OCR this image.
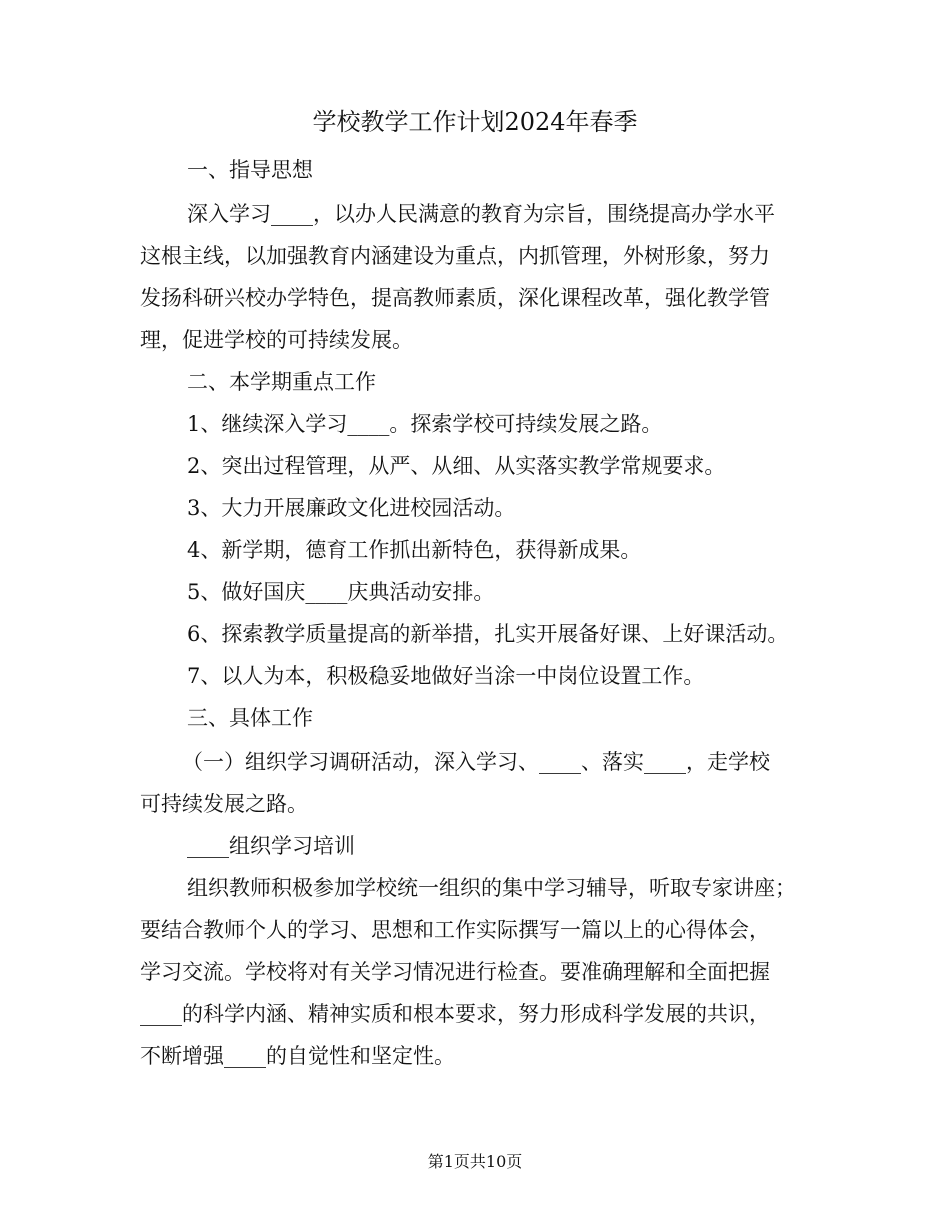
学校教学工作计划2024年春季
一、指导思想
深入学习____，以办人民满意的教育为宗旨，围绕提高办学水平
这根主线，以加强教育内涵建设为重点，内抓管理，外树形象，努力
发扬科研兴校办学特色，提高教师素质，深化课程改革，强化教学管
理，促进学校的可持续发展。
二、本学期重点工作
1、继续深入学习____。探索学校可持续发展之路。
2、突出过程管理，从严、从细、从实落实教学常规要求。
3、大力开展廉政文化进校园活动。
4、新学期，德育工作抓出新特色，获得新成果。
5、做好国庆____庆典活动安排。
6、探索教学质量提高的新举措，扎实开展备好课、上好课活动。
7、以人为本，积极稳妥地做好当涂一中岗位设置工作。
三、具体工作
（一）组织学习调研活动，深入学习、____、落实____，走学校
可持续发展之路。
____组织学习培训
组织教师积极参加学校统一组织的集中学习辅导，听取专家讲座；
要结合教师个人的学习、思想和工作实际撰写一篇以上的心得体会，
学习交流。学校将对有关学习情况进行检查。要准确理解和全面把握
____的科学内涵、精神实质和根本要求，努力形成科学发展的共识，
不断增强____的自觉性和坚定性。
第1页共10页
